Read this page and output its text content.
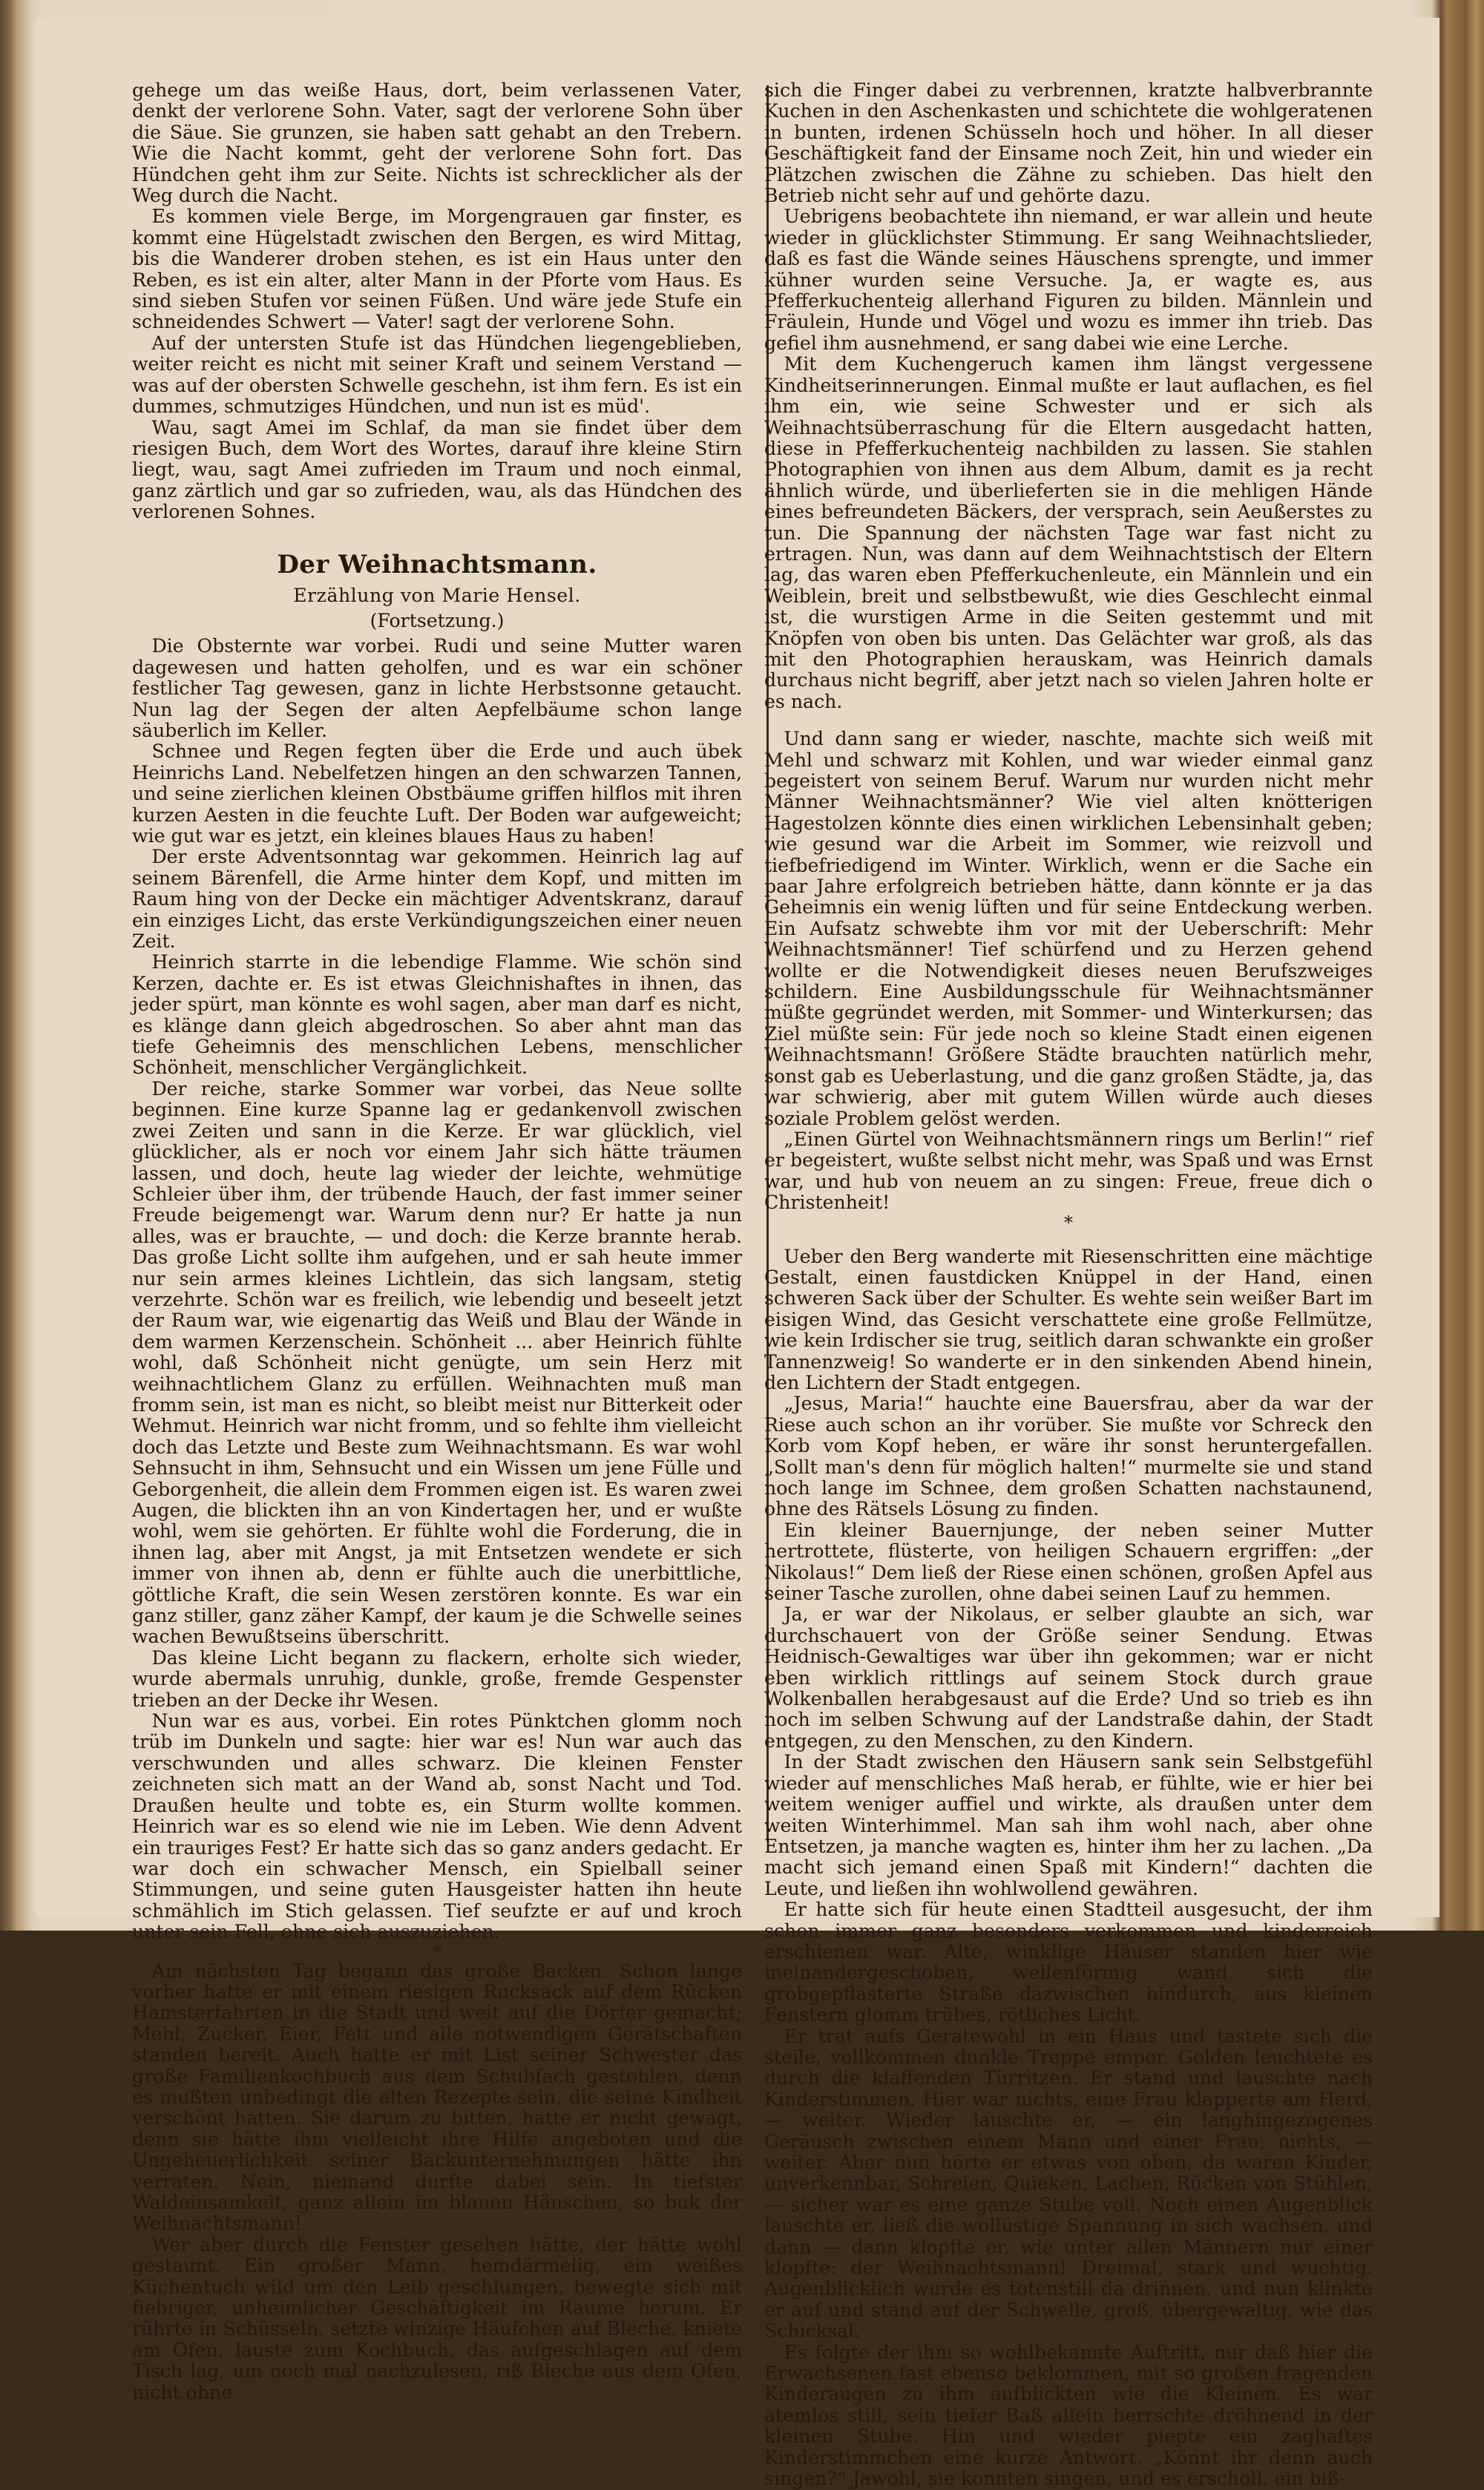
gehege um das weiße Haus, dort, beim verlassenen Vater, denkt der verlorene Sohn. Vater, sagt der verlorene Sohn über die Säue. Sie grunzen, sie haben satt gehabt an den Trebern. Wie die Nacht kommt, geht der verlorene Sohn fort. Das Hündchen geht ihm zur Seite. Nichts ist schrecklicher als der Weg durch die Nacht.

Es kommen viele Berge, im Morgengrauen gar finster, es kommt eine Hügelstadt zwischen den Bergen, es wird Mittag, bis die Wanderer droben stehen, es ist ein Haus unter den Reben, es ist ein alter, alter Mann in der Pforte vom Haus. Es sind sieben Stufen vor seinen Füßen. Und wäre jede Stufe ein schneidendes Schwert — Vater! sagt der verlorene Sohn.

Auf der untersten Stufe ist das Hündchen liegengeblieben, weiter reicht es nicht mit seiner Kraft und seinem Verstand — was auf der obersten Schwelle geschehn, ist ihm fern. Es ist ein dummes, schmutziges Hündchen, und nun ist es müd'.

Wau, sagt Amei im Schlaf, da man sie findet über dem riesigen Buch, dem Wort des Wortes, darauf ihre kleine Stirn liegt, wau, sagt Amei zufrieden im Traum und noch einmal, ganz zärtlich und gar so zufrieden, wau, als das Hündchen des verlorenen Sohnes.

Der Weihnachtsmann.
Erzählung von Marie Hensel.
(Fortsetzung.)

Die Obsternte war vorbei. Rudi und seine Mutter waren dagewesen und hatten geholfen, und es war ein schöner festlicher Tag gewesen, ganz in lichte Herbstsonne getaucht. Nun lag der Segen der alten Aepfelbäume schon lange säuberlich im Keller.

Schnee und Regen fegten über die Erde und auch übek Heinrichs Land. Nebelfetzen hingen an den schwarzen Tannen, und seine zierlichen kleinen Obstbäume griffen hilflos mit ihren kurzen Aesten in die feuchte Luft. Der Boden war aufgeweicht; wie gut war es jetzt, ein kleines blaues Haus zu haben!

Der erste Adventsonntag war gekommen. Heinrich lag auf seinem Bärenfell, die Arme hinter dem Kopf, und mitten im Raum hing von der Decke ein mächtiger Adventskranz, darauf ein einziges Licht, das erste Verkündigungszeichen einer neuen Zeit.

Heinrich starrte in die lebendige Flamme. Wie schön sind Kerzen, dachte er. Es ist etwas Gleichnishaftes in ihnen, das jeder spürt, man könnte es wohl sagen, aber man darf es nicht, es klänge dann gleich abgedroschen. So aber ahnt man das tiefe Geheimnis des menschlichen Lebens, menschlicher Schönheit, menschlicher Vergänglichkeit.

Der reiche, starke Sommer war vorbei, das Neue sollte beginnen. Eine kurze Spanne lag er gedankenvoll zwischen zwei Zeiten und sann in die Kerze. Er war glücklich, viel glücklicher, als er noch vor einem Jahr sich hätte träumen lassen, und doch, heute lag wieder der leichte, wehmütige Schleier über ihm, der trübende Hauch, der fast immer seiner Freude beigemengt war. Warum denn nur? Er hatte ja nun alles, was er brauchte, — und doch: die Kerze brannte herab. Das große Licht sollte ihm aufgehen, und er sah heute immer nur sein armes kleines Lichtlein, das sich langsam, stetig verzehrte. Schön war es freilich, wie lebendig und beseelt jetzt der Raum war, wie eigenartig das Weiß und Blau der Wände in dem warmen Kerzenschein. Schönheit ... aber Heinrich fühlte wohl, daß Schönheit nicht genügte, um sein Herz mit weihnachtlichem Glanz zu erfüllen. Weihnachten muß man fromm sein, ist man es nicht, so bleibt meist nur Bitterkeit oder Wehmut. Heinrich war nicht fromm, und so fehlte ihm vielleicht doch das Letzte und Beste zum Weihnachtsmann. Es war wohl Sehnsucht in ihm, Sehnsucht und ein Wissen um jene Fülle und Geborgenheit, die allein dem Frommen eigen ist. Es waren zwei Augen, die blickten ihn an von Kindertagen her, und er wußte wohl, wem sie gehörten. Er fühlte wohl die Forderung, die in ihnen lag, aber mit Angst, ja mit Entsetzen wendete er sich immer von ihnen ab, denn er fühlte auch die unerbittliche, göttliche Kraft, die sein Wesen zerstören konnte. Es war ein ganz stiller, ganz zäher Kampf, der kaum je die Schwelle seines wachen Bewußtseins überschritt.

Das kleine Licht begann zu flackern, erholte sich wieder, wurde abermals unruhig, dunkle, große, fremde Gespenster trieben an der Decke ihr Wesen.

Nun war es aus, vorbei. Ein rotes Pünktchen glomm noch trüb im Dunkeln und sagte: hier war es! Nun war auch das verschwunden und alles schwarz. Die kleinen Fenster zeichneten sich matt an der Wand ab, sonst Nacht und Tod. Draußen heulte und tobte es, ein Sturm wollte kommen. Heinrich war es so elend wie nie im Leben. Wie denn Advent ein trauriges Fest? Er hatte sich das so ganz anders gedacht. Er war doch ein schwacher Mensch, ein Spielball seiner Stimmungen, und seine guten Hausgeister hatten ihn heute schmählich im Stich gelassen. Tief seufzte er auf und kroch unter sein Fell, ohne sich auszuziehen.

*

Am nächsten Tag begann das große Backen. Schon lange vorher hatte er mit einem riesigen Rucksack auf dem Rücken Hamsterfahrten in die Stadt und weit auf die Dörfer gemacht; Mehl, Zucker, Eier, Fett und alle notwendigen Gerätschaften standen bereit. Auch hatte er mit List seiner Schwester das große Familienkochbuch aus dem Schubfach gestohlen, denn es mußten unbedingt die alten Rezepte sein, die seine Kindheit verschönt hatten. Sie darum zu bitten, hatte er nicht gewagt, denn sie hätte ihm vielleicht ihre Hilfe angeboten und die Ungeheuerlichkeit seiner Backunternehmungen hätte ihn verraten. Nein, niemand durfte dabei sein. In tiefster Waldeinsamkeit, ganz allein im blauen Häuschen, so buk der Weihnachtsmann!

Wer aber durch die Fenster gesehen hätte, der hätte wohl gestaunt. Ein großer Mann, hemdärmelig, ein weißes Küchentuch wild um den Leib geschlungen, bewegte sich mit fiebriger, unheimlicher Geschäftigkeit im Raume herum. Er rührte in Schüsseln, setzte winzige Häufchen auf Bleche, kniete am Ofen, lauste zum Kochbuch, das aufgeschlagen auf dem Tisch lag, um noch mal nachzulesen, riß Bleche aus dem Ofen, nicht ohne

sich die Finger dabei zu verbrennen, kratzte halbverbrannte Kuchen in den Aschenkasten und schichtete die wohlgeratenen in bunten, irdenen Schüsseln hoch und höher. In all dieser Geschäftigkeit fand der Einsame noch Zeit, hin und wieder ein Plätzchen zwischen die Zähne zu schieben. Das hielt den Betrieb nicht sehr auf und gehörte dazu.

Uebrigens beobachtete ihn niemand, er war allein und heute wieder in glücklichster Stimmung. Er sang Weihnachtslieder, daß es fast die Wände seines Häuschens sprengte, und immer kühner wurden seine Versuche. Ja, er wagte es, aus Pfefferkuchenteig allerhand Figuren zu bilden. Männlein und Fräulein, Hunde und Vögel und wozu es immer ihn trieb. Das gefiel ihm ausnehmend, er sang dabei wie eine Lerche.

Mit dem Kuchengeruch kamen ihm längst vergessene Kindheitserinnerungen. Einmal mußte er laut auflachen, es fiel ihm ein, wie seine Schwester und er sich als Weihnachtsüberraschung für die Eltern ausgedacht hatten, diese in Pfefferkuchenteig nachbilden zu lassen. Sie stahlen Photographien von ihnen aus dem Album, damit es ja recht ähnlich würde, und überlieferten sie in die mehligen Hände eines befreundeten Bäckers, der versprach, sein Aeußerstes zu tun. Die Spannung der nächsten Tage war fast nicht zu ertragen. Nun, was dann auf dem Weihnachtstisch der Eltern lag, das waren eben Pfefferkuchenleute, ein Männlein und ein Weiblein, breit und selbstbewußt, wie dies Geschlecht einmal ist, die wurstigen Arme in die Seiten gestemmt und mit Knöpfen von oben bis unten. Das Gelächter war groß, als das mit den Photographien herauskam, was Heinrich damals durchaus nicht begriff, aber jetzt nach so vielen Jahren holte er es nach.

Und dann sang er wieder, naschte, machte sich weiß mit Mehl und schwarz mit Kohlen, und war wieder einmal ganz begeistert von seinem Beruf. Warum nur wurden nicht mehr Männer Weihnachtsmänner? Wie viel alten knötterigen Hagestolzen könnte dies einen wirklichen Lebensinhalt geben; wie gesund war die Arbeit im Sommer, wie reizvoll und tiefbefriedigend im Winter. Wirklich, wenn er die Sache ein paar Jahre erfolgreich betrieben hätte, dann könnte er ja das Geheimnis ein wenig lüften und für seine Entdeckung werben. Ein Aufsatz schwebte ihm vor mit der Ueberschrift: Mehr Weihnachtsmänner! Tief schürfend und zu Herzen gehend wollte er die Notwendigkeit dieses neuen Berufszweiges schildern. Eine Ausbildungsschule für Weihnachtsmänner müßte gegründet werden, mit Sommer- und Winterkursen; das Ziel müßte sein: Für jede noch so kleine Stadt einen eigenen Weihnachtsmann! Größere Städte brauchten natürlich mehr, sonst gab es Ueberlastung, und die ganz großen Städte, ja, das war schwierig, aber mit gutem Willen würde auch dieses soziale Problem gelöst werden.

„Einen Gürtel von Weihnachtsmännern rings um Berlin!“ rief er begeistert, wußte selbst nicht mehr, was Spaß und was Ernst war, und hub von neuem an zu singen: Freue, freue dich o Christenheit!

*

Ueber den Berg wanderte mit Riesenschritten eine mächtige Gestalt, einen faustdicken Knüppel in der Hand, einen schweren Sack über der Schulter. Es wehte sein weißer Bart im eisigen Wind, das Gesicht verschattete eine große Fellmütze, wie kein Irdischer sie trug, seitlich daran schwankte ein großer Tannenzweig! So wanderte er in den sinkenden Abend hinein, den Lichtern der Stadt entgegen.

„Jesus, Maria!“ hauchte eine Bauersfrau, aber da war der Riese auch schon an ihr vorüber. Sie mußte vor Schreck den Korb vom Kopf heben, er wäre ihr sonst heruntergefallen. „Sollt man's denn für möglich halten!“ murmelte sie und stand noch lange im Schnee, dem großen Schatten nachstaunend, ohne des Rätsels Lösung zu finden.

Ein kleiner Bauernjunge, der neben seiner Mutter hertrottete, flüsterte, von heiligen Schauern ergriffen: „der Nikolaus!“ Dem ließ der Riese einen schönen, großen Apfel aus seiner Tasche zurollen, ohne dabei seinen Lauf zu hemmen.

Ja, er war der Nikolaus, er selber glaubte an sich, war durchschauert von der Größe seiner Sendung. Etwas Heidnisch-Gewaltiges war über ihn gekommen; war er nicht eben wirklich rittlings auf seinem Stock durch graue Wolkenballen herabgesaust auf die Erde? Und so trieb es ihn noch im selben Schwung auf der Landstraße dahin, der Stadt entgegen, zu den Menschen, zu den Kindern.

In der Stadt zwischen den Häusern sank sein Selbstgefühl wieder auf menschliches Maß herab, er fühlte, wie er hier bei weitem weniger auffiel und wirkte, als draußen unter dem weiten Winterhimmel. Man sah ihm wohl nach, aber ohne Entsetzen, ja manche wagten es, hinter ihm her zu lachen. „Da macht sich jemand einen Spaß mit Kindern!“ dachten die Leute, und ließen ihn wohlwollend gewähren.

Er hatte sich für heute einen Stadtteil ausgesucht, der ihm schon immer ganz besonders verkommen und kinderreich erschienen war. Alte, winklige Häuser standen hier wie ineinandergeschoben, wellenförmig wand sich die grobgepflasterte Straße dazwischen hindurch, aus kleinen Fenstern glomm trübes, rötliches Licht.

Er trat aufs Geratewohl in ein Haus und tastete sich die steile, vollkommen dunkle Treppe empor. Golden leuchtete es durch die klaffenden Türritzen. Er stand und lauschte nach Kinderstimmen. Hier war nichts, eine Frau klapperte am Herd, — weiter. Wieder lauschte er, — ein langhingezogenes Geräusch zwischen einem Mann und einer Frau, nichts, — weiter. Aber nun hörte er etwas von oben, da waren Kinder, unverkennbar, Schreien, Quieken, Lachen, Rücken von Stühlen, — sicher war es eine ganze Stube voll. Noch einen Augenblick lauschte er, ließ die wollüstige Spannung in sich wachsen, und dann — dann klopfte er, wie unter allen Männern nur einer klopfte: der Weihnachtsmann! Dreimal, stark und wuchtig. Augenblicklich wurde es totenstill da drinnen, und nun klinkte er auf und stand auf der Schwelle, groß, übergewaltig, wie das Schicksal.

Es folgte der ihm so wohlbekannte Auftritt, nur daß hier die Erwachsenen fast ebenso beklommen, mit so großen fragenden Kinderaugen zu ihm aufblickten wie die Kleinen. Es war atemlos still, sein tiefer Baß allein herrschte dröhnend in der kleinen Stube. Hin und wieder piepte ein zaghaftes Kinderstimmchen eine kurze Antwort. „Könnt ihr denn auch singen?“ Jawohl, sie konnten singen, und es erscholl, ein biß-
